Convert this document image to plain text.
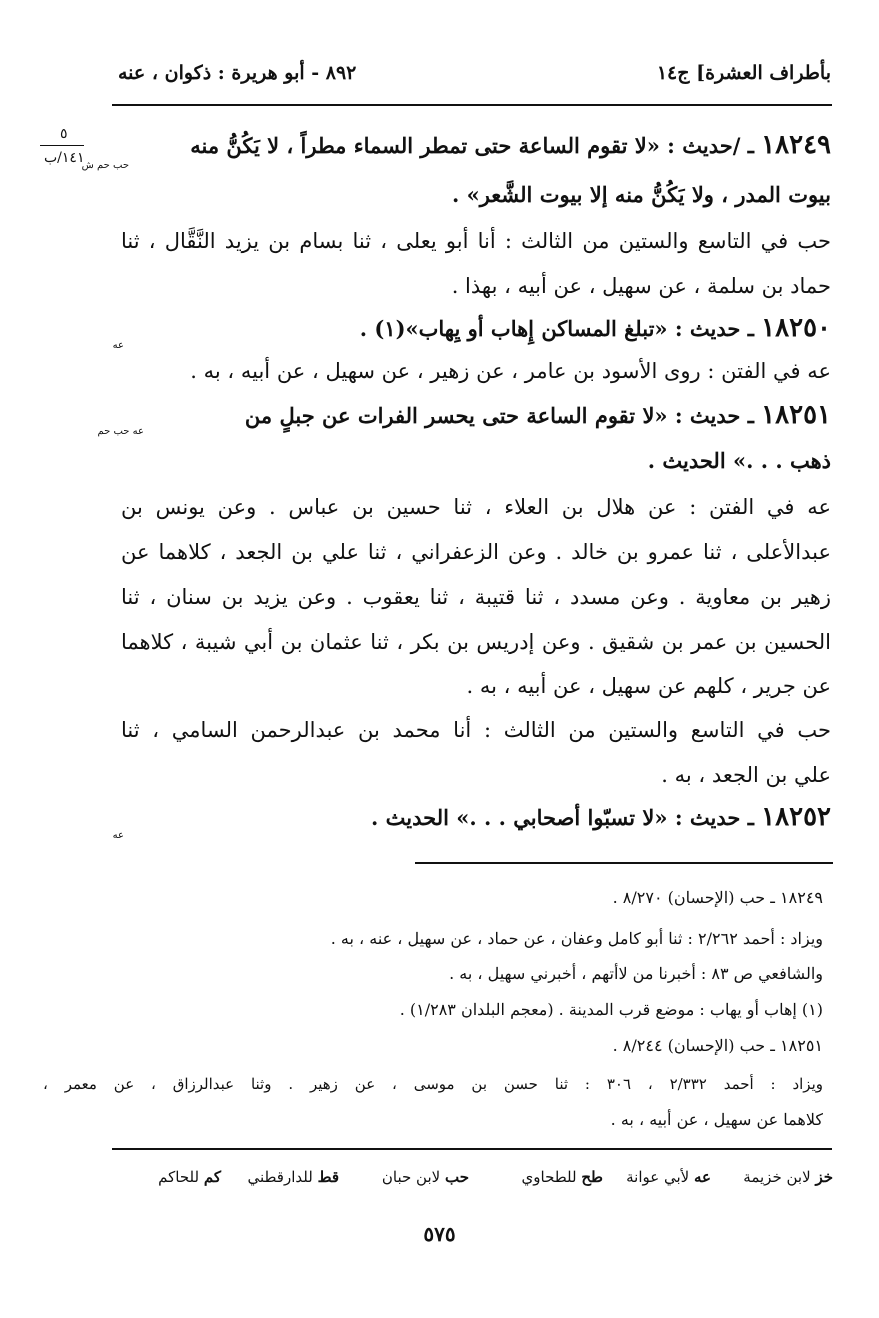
بأطراف العشرة] ج١٤
٨٩٢ - أبو هريرة : ذكوان ، عنه
٥
١٤١/ب	١٨٢٤٩ ـ /حديث : «لا تقوم الساعة حتى تمطر السماء مطراً ، لا يَكُنُّ منه
حب حم ش
بيوت المدر ، ولا يَكُنُّ منه إلا بيوت الشَّعر» .
حب في التاسع والستين من الثالث : أنا أبو يعلى ، ثنا بسام بن يزيد النَّقَّال ، ثنا
حماد بن سلمة ، عن سهيل ، عن أبيه ، بهذا .
١٨٢٥٠ ـ حديث : «تبلغ المساكن إِهاب أو يِهاب»(١) .
عه
عه في الفتن : روى الأسود بن عامر ، عن زهير ، عن سهيل ، عن أبيه ، به .
١٨٢٥١ ـ حديث : «لا تقوم الساعة حتى يحسر الفرات عن جبلٍ من
عه حب حم
ذهب . . .» الحديث .
عه في الفتن : عن هلال بن العلاء ، ثنا حسين بن عباس . وعن يونس بن
عبدالأعلى ، ثنا عمرو بن خالد . وعن الزعفراني ، ثنا علي بن الجعد ، كلاهما عن
زهير بن معاوية . وعن مسدد ، ثنا قتيبة ، ثنا يعقوب . وعن يزيد بن سنان ، ثنا
الحسين بن عمر بن شقيق . وعن إدريس بن بكر ، ثنا عثمان بن أبي شيبة ، كلاهما
عن جرير ، كلهم عن سهيل ، عن أبيه ، به .
حب في التاسع والستين من الثالث : أنا محمد بن عبدالرحمن السامي ، ثنا
علي بن الجعد ، به .
١٨٢٥٢ ـ حديث : «لا تسبّوا أصحابي . . .» الحديث .
عه
١٨٢٤٩ ـ حب (الإحسان) ٨/٢٧٠ .
ويزاد : أحمد ٢/٢٦٢ : ثنا أبو كامل وعفان ، عن حماد ، عن سهيل ، عنه ، به .
والشافعي ص ٨٣ : أخبرنا من لاأتهم ، أخبرني سهيل ، به .
(١) إهاب أو يهاب : موضع قرب المدينة . (معجم البلدان ١/٢٨٣) .
١٨٢٥١ ـ حب (الإحسان) ٨/٢٤٤ .
ويزاد : أحمد ٢/٣٣٢ ، ٣٠٦ : ثنا حسن بن موسى ، عن زهير . وثنا عبدالرزاق ، عن معمر ،
كلاهما عن سهيل ، عن أبيه ، به .
خز لابن خزيمة
عه لأبي عوانة
طح للطحاوي
حب لابن حبان
قط للدارقطني
كم للحاكم
٥٧٥
